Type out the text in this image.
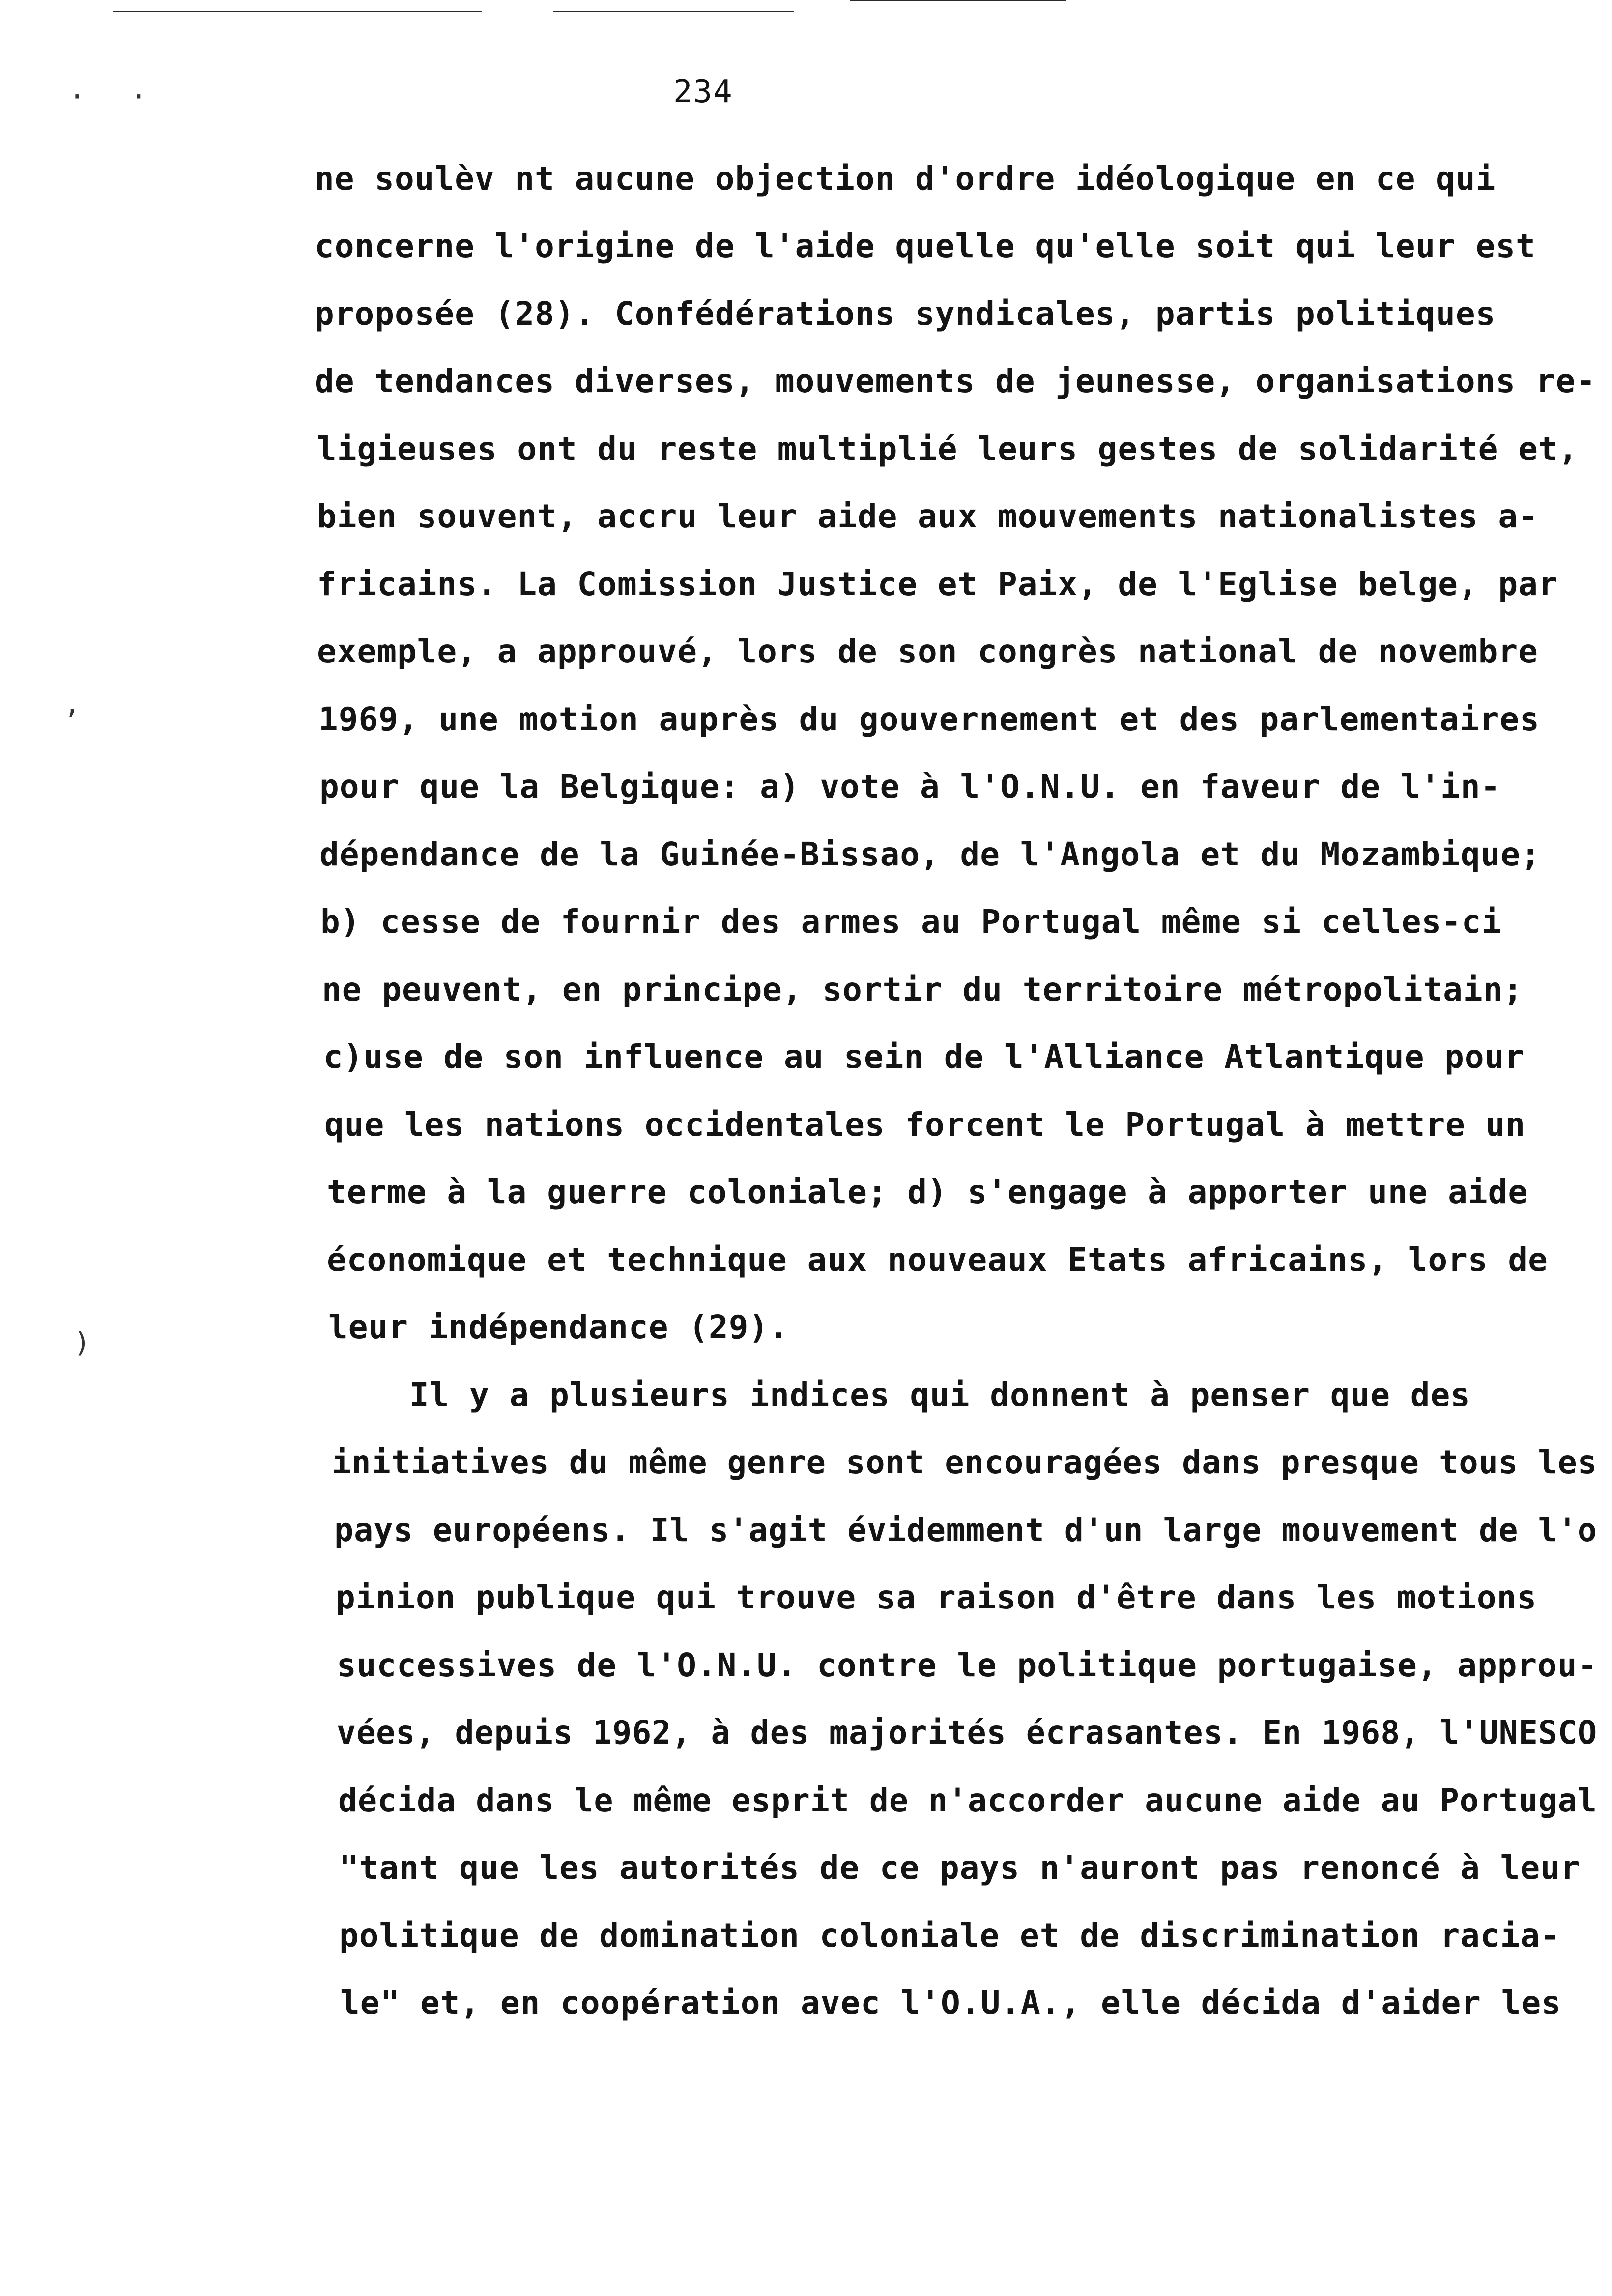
· ·
,
)
234
ne soulèv nt aucune objection d'ordre idéologique en ce qui
concerne l'origine de l'aide quelle qu'elle soit qui leur est
proposée (28). Confédérations syndicales, partis politiques
de tendances diverses, mouvements de jeunesse, organisations re-
ligieuses ont du reste multiplié leurs gestes de solidarité et,
bien souvent, accru leur aide aux mouvements nationalistes a-
fricains. La Comission Justice et Paix, de l'Eglise belge, par
exemple, a approuvé, lors de son congrès national de novembre
1969, une motion auprès du gouvernement et des parlementaires
pour que la Belgique: a) vote à l'O.N.U. en faveur de l'in-
dépendance de la Guinée-Bissao, de l'Angola et du Mozambique;
b) cesse de fournir des armes au Portugal même si celles-ci
ne peuvent, en principe, sortir du territoire métropolitain;
c)use de son influence au sein de l'Alliance Atlantique pour
que les nations occidentales forcent le Portugal à mettre un
terme à la guerre coloniale; d) s'engage à apporter une aide
économique et technique aux nouveaux Etats africains, lors de
leur indépendance (29).
Il y a plusieurs indices qui donnent à penser que des
initiatives du même genre sont encouragées dans presque tous les
pays européens. Il s'agit évidemment d'un large mouvement de l'o
pinion publique qui trouve sa raison d'être dans les motions
successives de l'O.N.U. contre le politique portugaise, approu-
vées, depuis 1962, à des majorités écrasantes. En 1968, l'UNESCO
décida dans le même esprit de n'accorder aucune aide au Portugal
"tant que les autorités de ce pays n'auront pas renoncé à leur
politique de domination coloniale et de discrimination racia-
le" et, en coopération avec l'O.U.A., elle décida d'aider les
